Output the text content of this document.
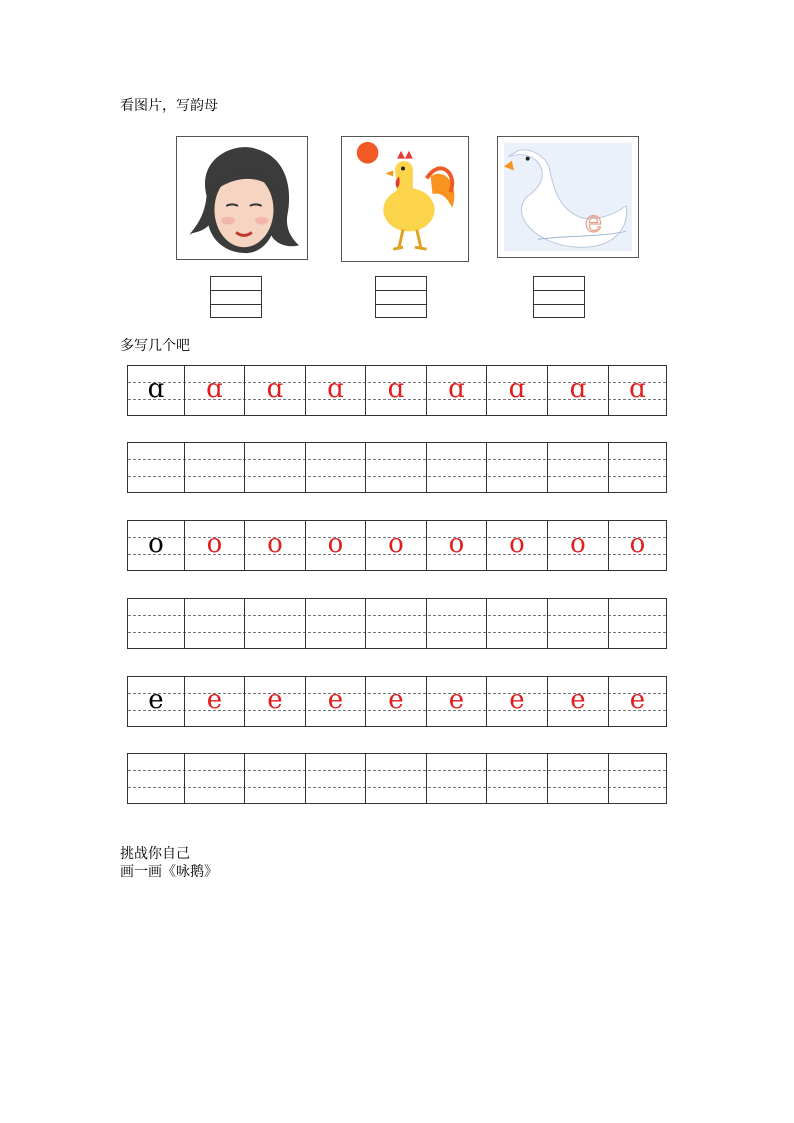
看图片，写韵母
e
多写几个吧
ɑ	ɑ	ɑ	ɑ	ɑ	ɑ	ɑ	ɑ	ɑ
o	o	o	o	o	o	o	o	o
e	e	e	e	e	e	e	e	e
挑战你自己
画一画《咏鹅》
